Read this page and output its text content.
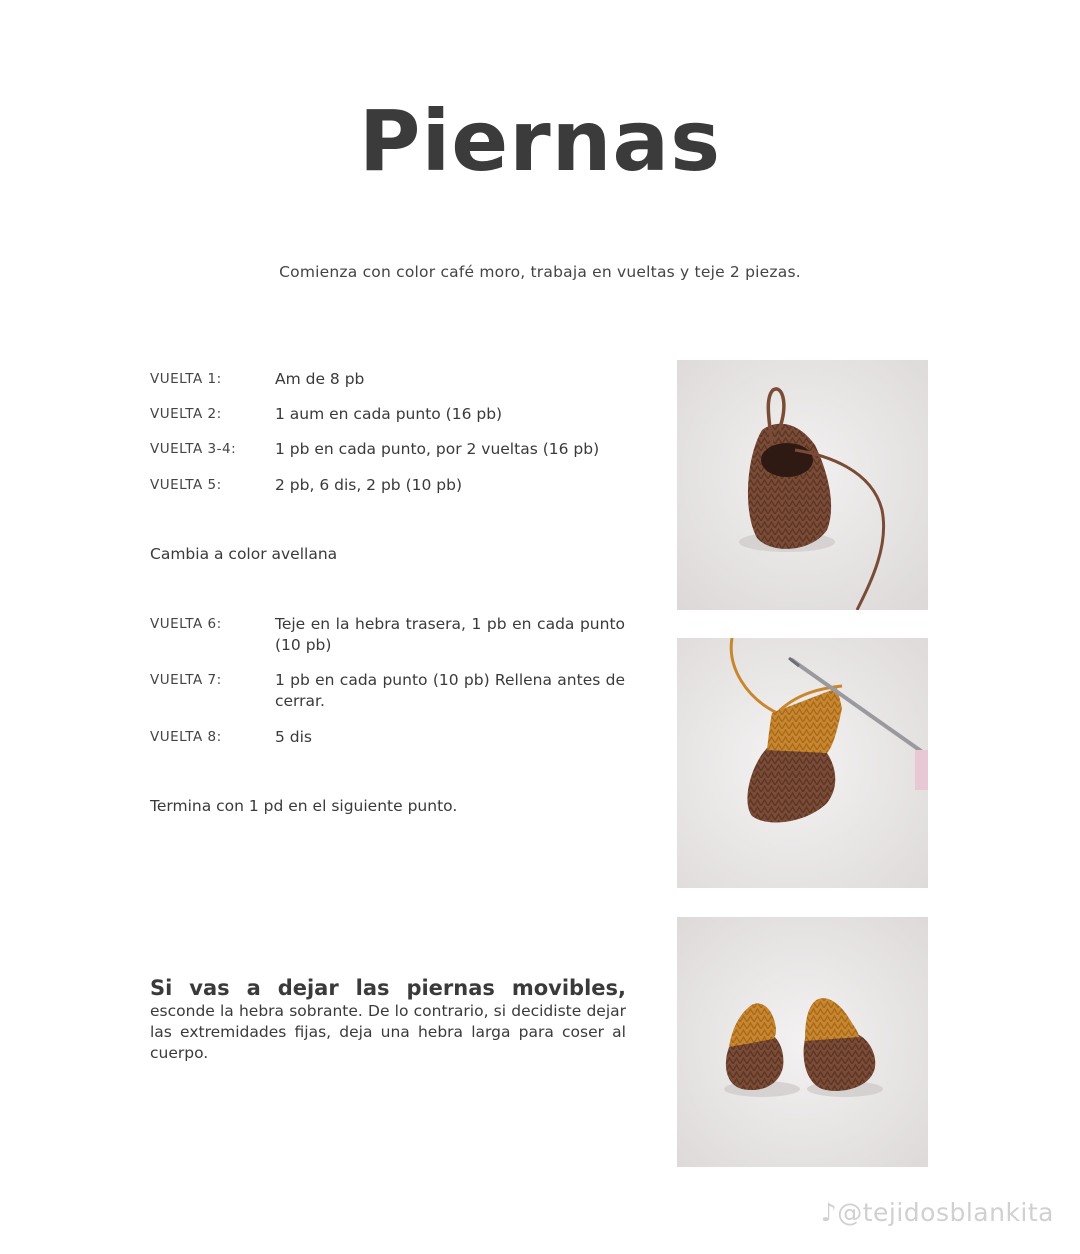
Piernas
Comienza con color café moro, trabaja en vueltas y teje 2 piezas.
VUELTA 1:	Am de 8 pb
VUELTA 2:	1 aum en cada punto (16 pb)
VUELTA 3-4:	1 pb en cada punto, por 2 vueltas (16 pb)
VUELTA 5:	2 pb, 6 dis, 2 pb (10 pb)
Cambia a color avellana
VUELTA 6:	Teje en la hebra trasera, 1 pb en cada punto (10 pb)
VUELTA 7:	1 pb en cada punto (10 pb) Rellena antes de cerrar.
VUELTA 8:	5 dis
Termina con 1 pd en el siguiente punto.
Si vas a dejar las piernas movibles, esconde la hebra sobrante. De lo contrario, si decidiste dejar las extremidades fijas, deja una hebra larga para coser al cuerpo.
♪@tejidosblankita
